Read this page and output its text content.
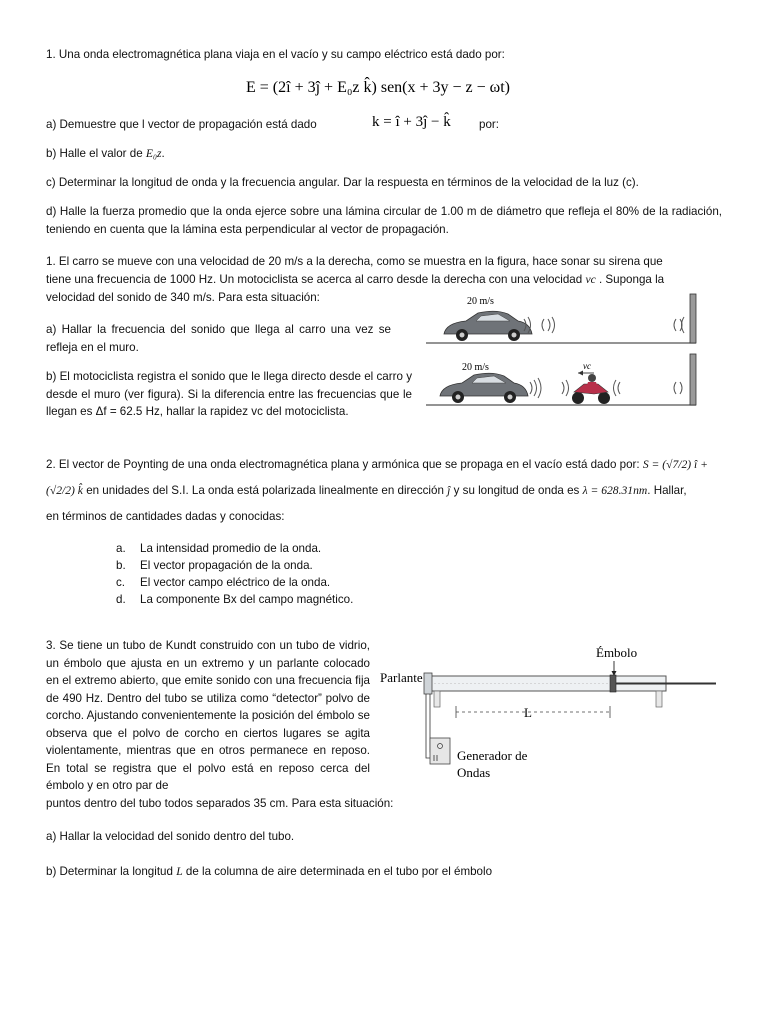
1. Una onda electromagnética plana viaja en el vacío y su campo eléctrico está dado por:

E = (2î + 3ĵ + E₀z k̂) sen(x + 3y − z − ωt)

a) Demuestre que l vector de propagación está dado	k = î + 3ĵ − k̂ por:

b) Halle el valor de E₀z.

c) Determinar la longitud de onda y la frecuencia angular. Dar la respuesta en términos de la velocidad de la luz (c).

d) Halle la fuerza promedio que la onda ejerce sobre una lámina circular de 1.00 m de diámetro que refleja el 80% de la radiación, teniendo en cuenta que la lámina esta perpendicular al vector de propagación.

1. El carro se mueve con una velocidad de 20 m/s a la derecha, como se muestra en la figura, hace sonar su sirena que

tiene una frecuencia de 1000 Hz. Un motociclista se acerca al carro desde la derecha con una velocidad vc . Suponga la

velocidad del sonido de 340 m/s. Para esta situación:

a) Hallar la frecuencia del sonido que llega al carro una vez se refleja en el muro.

b) El motociclista registra el sonido que le llega directo desde el carro y desde el muro (ver figura). Si la diferencia entre las frecuencias que le llegan es Δf = 62.5 Hz, hallar la rapidez vc del motociclista.

20 m/s
20 m/s	vc

2. El vector de Poynting de una onda electromagnética plana y armónica que se propaga en el vacío está dado por: S = (√7/2) î +

(√2/2) k̂ en unidades del S.I. La onda está polarizada linealmente en dirección ĵ y su longitud de onda es λ = 628.31nm. Hallar,

en términos de cantidades dadas y conocidas:

a. La intensidad promedio de la onda.
b. El vector propagación de la onda.
c. El vector campo eléctrico de la onda.
d. La componente Bx del campo magnético.

3. Se tiene un tubo de Kundt construido con un tubo de vidrio, un émbolo que ajusta en un extremo y un parlante colocado en el extremo abierto, que emite sonido con una frecuencia fija de 490 Hz. Dentro del tubo se utiliza como “detector” polvo de corcho. Ajustando convenientemente la posición del émbolo se observa que el polvo de corcho en ciertos lugares se agita violentamente, mientras que en otros permanece en reposo. En total se registra que el polvo está en reposo cerca del émbolo y en otro par de

puntos dentro del tubo todos separados 35 cm. Para esta situación:

a) Hallar la velocidad del sonido dentro del tubo.

b) Determinar la longitud L de la columna de aire determinada en el tubo por el émbolo

Émbolo
Parlante
L
Generador de
Ondas
